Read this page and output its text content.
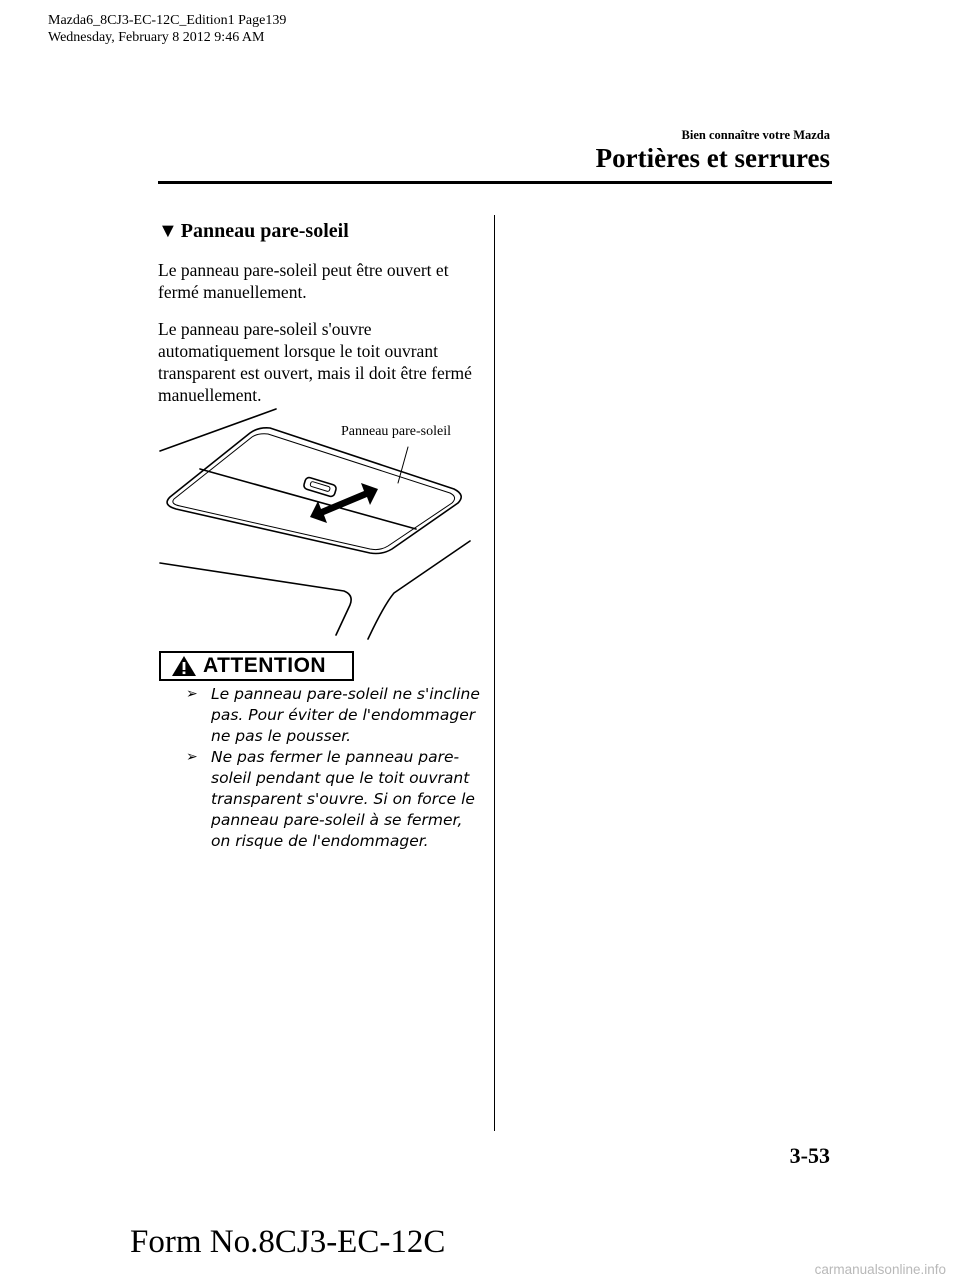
Mazda6_8CJ3-EC-12C_Edition1 Page139
Wednesday, February 8 2012 9:46 AM
Bien connaître votre Mazda
Portières et serrures
▼ Panneau pare-soleil
Le panneau pare-soleil peut être ouvert et fermé manuellement.
Le panneau pare-soleil s'ouvre automatiquement lorsque le toit ouvrant transparent est ouvert, mais il doit être fermé manuellement.
Panneau pare-soleil
ATTENTION
➢ Le panneau pare-soleil ne s'incline pas. Pour éviter de l'endommager ne pas le pousser.
➢ Ne pas fermer le panneau pare-soleil pendant que le toit ouvrant transparent s'ouvre. Si on force le panneau pare-soleil à se fermer, on risque de l'endommager.
3-53
Form No.8CJ3-EC-12C
carmanualsonline.info
